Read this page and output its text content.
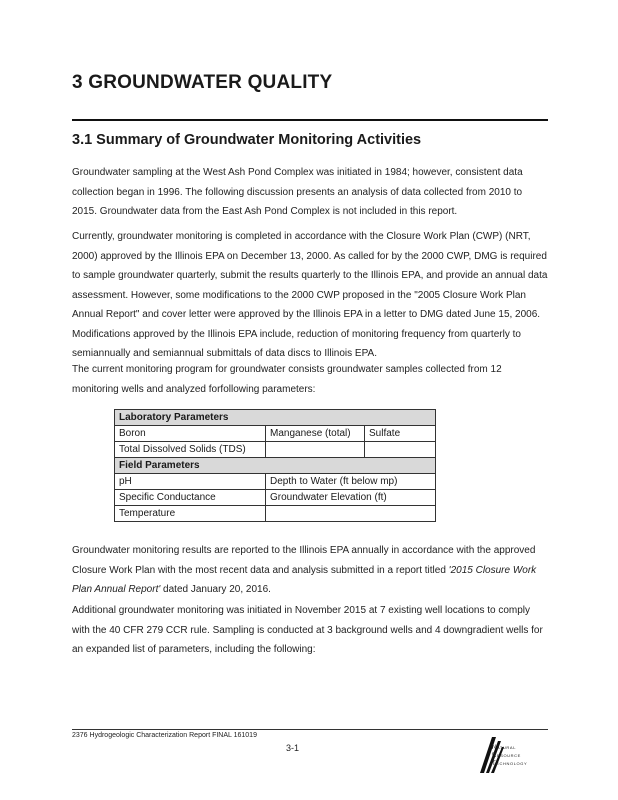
3 GROUNDWATER QUALITY
3.1 Summary of Groundwater Monitoring Activities

Groundwater sampling at the West Ash Pond Complex was initiated in 1984; however, consistent data collection began in 1996. The following discussion presents an analysis of data collected from 2010 to 2015. Groundwater data from the East Ash Pond Complex is not included in this report.

Currently, groundwater monitoring is completed in accordance with the Closure Work Plan (CWP) (NRT, 2000) approved by the Illinois EPA on December 13, 2000. As called for by the 2000 CWP, DMG is required to sample groundwater quarterly, submit the results quarterly to the Illinois EPA, and provide an annual data assessment. However, some modifications to the 2000 CWP proposed in the "2005 Closure Work Plan Annual Report" and cover letter were approved by the Illinois EPA in a letter to DMG dated June 15, 2006. Modifications approved by the Illinois EPA include, reduction of monitoring frequency from quarterly to semiannually and semiannual submittals of data discs to Illinois EPA.

The current monitoring program for groundwater consists groundwater samples collected from 12 monitoring wells and analyzed forfollowing parameters:

Laboratory Parameters		
Boron	Manganese (total)	Sulfate
Total Dissolved Solids (TDS)		
Field Parameters		
pH	Depth to Water (ft below mp)	
Specific Conductance	Groundwater Elevation (ft)	
Temperature		

Groundwater monitoring results are reported to the Illinois EPA annually in accordance with the approved Closure Work Plan with the most recent data and analysis submitted in a report titled '2015 Closure Work Plan Annual Report' dated January 20, 2016.

Additional groundwater monitoring was initiated in November 2015 at 7 existing well locations to comply with the 40 CFR 279 CCR rule. Sampling is conducted at 3 background wells and 4 downgradient wells for an expanded list of parameters, including the following:

2376 Hydrogeologic Characterization Report FINAL 161019
3-1	Natural
Resource
Technology
